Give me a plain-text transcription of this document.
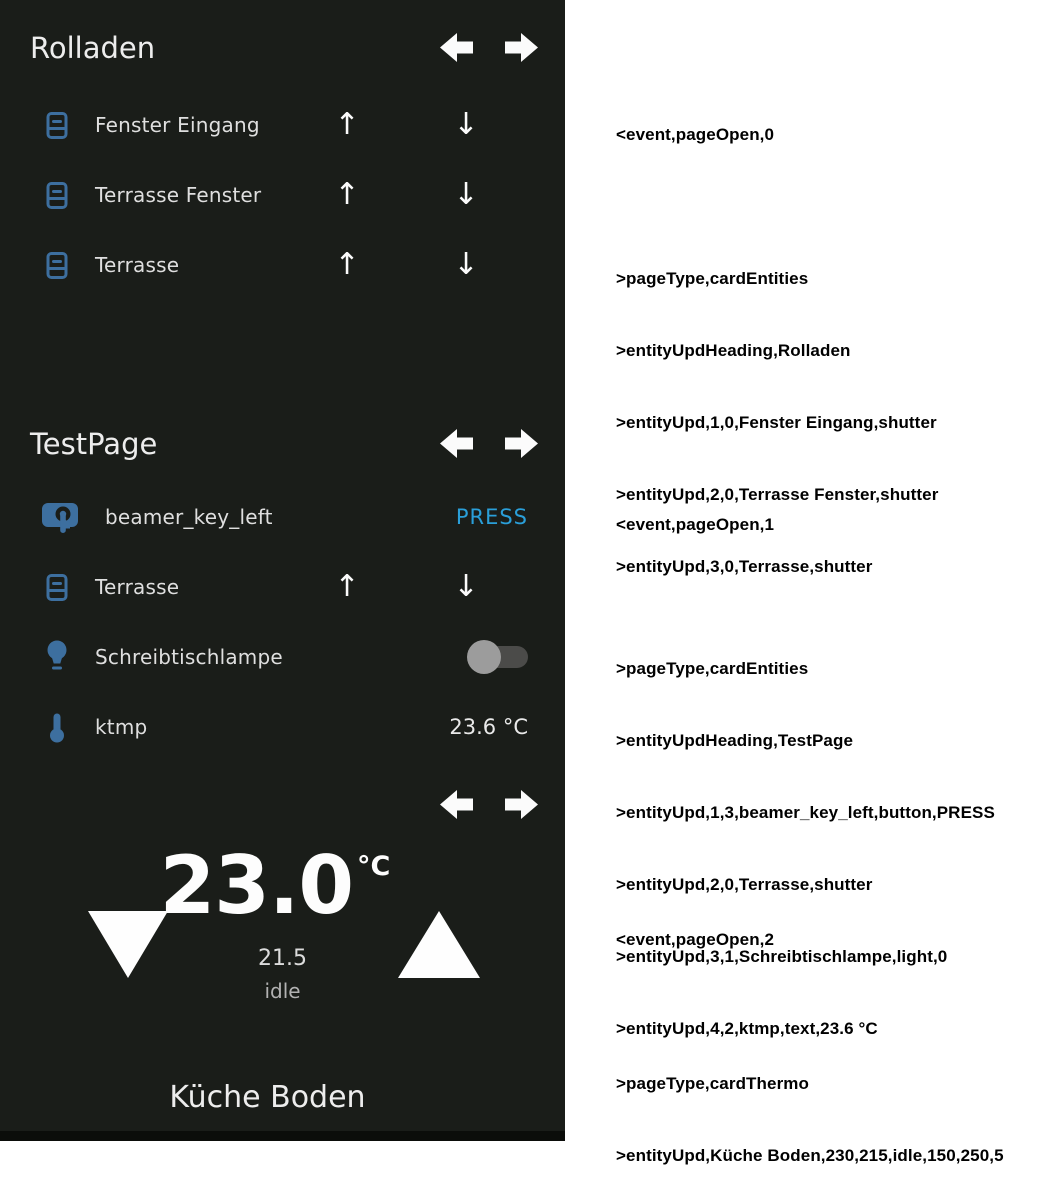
Rolladen
Fenster Eingang ↑	↓
Terrasse Fenster ↑	↓
Terrasse	↑	↓
TestPage
beamer_key_left	PRESS
Terrasse	↑	↓
Schreibtischlampe
ktmp	23.6 °C
23.0 °C
21.5
idle
Küche Boden

<event,pageOpen,0

>pageType,cardEntities

>entityUpdHeading,Rolladen

>entityUpd,1,0,Fenster Eingang,shutter

>entityUpd,2,0,Terrasse Fenster,shutter

>entityUpd,3,0,Terrasse,shutter

<event,pageOpen,1

>pageType,cardEntities

>entityUpdHeading,TestPage

>entityUpd,1,3,beamer_key_left,button,PRESS

>entityUpd,2,0,Terrasse,shutter

>entityUpd,3,1,Schreibtischlampe,light,0

>entityUpd,4,2,ktmp,text,23.6 °C

<event,pageOpen,2

>pageType,cardThermo

>entityUpd,Küche Boden,230,215,idle,150,250,5
